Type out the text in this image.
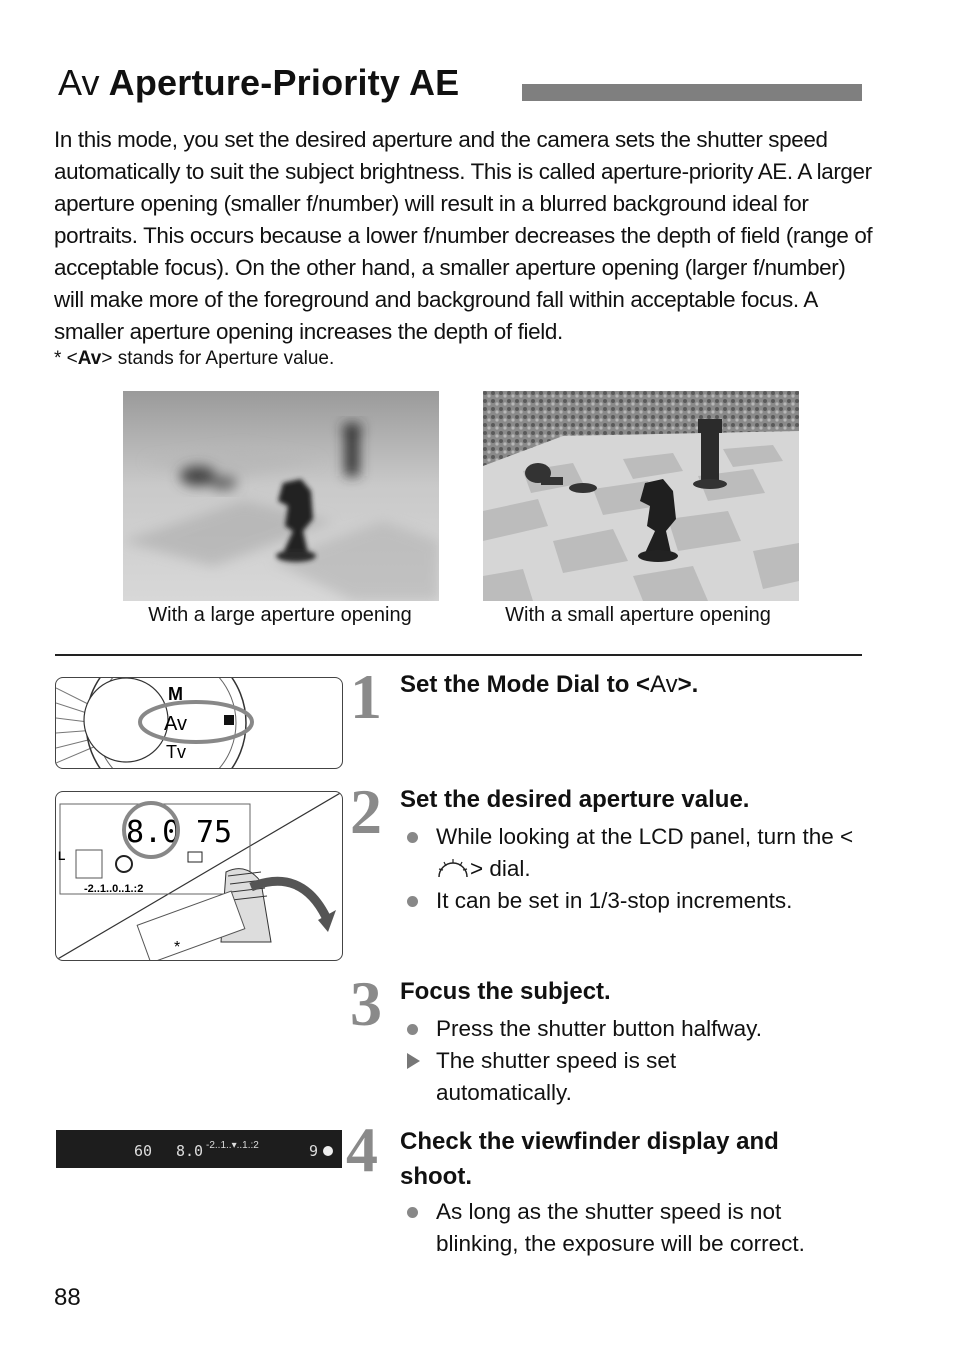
Av Aperture-Priority AE

In this mode, you set the desired aperture and the camera sets the shutter speed automatically to suit the subject brightness. This is called aperture-priority AE. A larger aperture opening (smaller f/number) will result in a blurred background ideal for portraits. This occurs because a lower f/number decreases the depth of field (range of acceptable focus). On the other hand, a smaller aperture opening (larger f/number) will make more of the foreground and background fall within acceptable focus. A smaller aperture opening increases the depth of field.

* <Av> stands for Aperture value.
With a large aperture opening	With a small aperture opening
M
Av
Tv
8.0 75
L
-2..1..0..1.:2
*
60 8.0 -2..1..▾..1.:2	9
1 Set the Mode Dial to <Av>.
2 Set the desired aperture value.
While looking at the LCD panel, turn the <> dial.
It can be set in 1/3-stop increments.
3 Focus the subject.
Press the shutter button halfway.
The shutter speed is set automatically.
4 Check the viewfinder display and
shoot.
As long as the shutter speed is not blinking, the exposure will be correct.
88
